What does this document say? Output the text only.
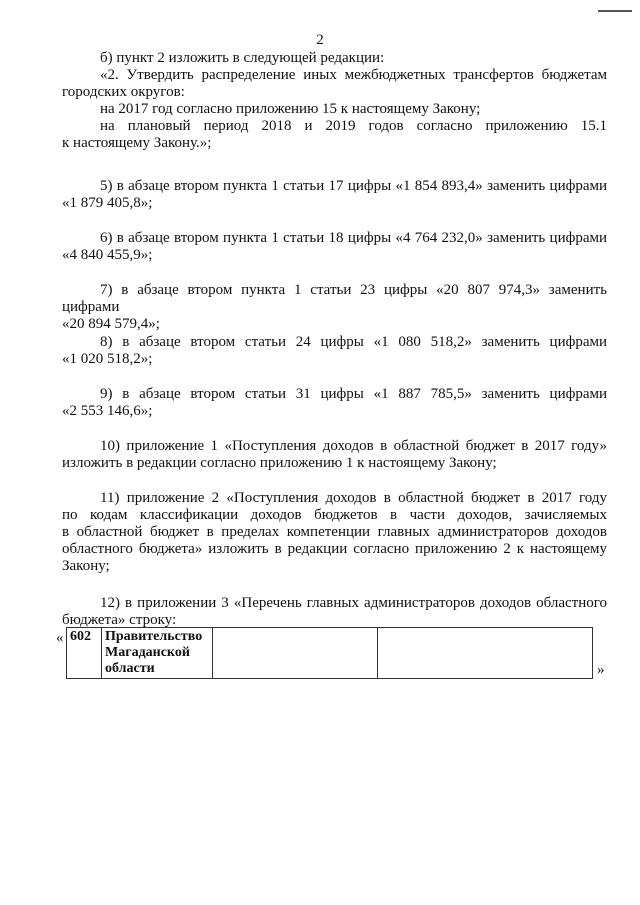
2

б) пункт 2 изложить в следующей редакции:

«2. Утвердить распределение иных межбюджетных трансфертов бюджетам

городских округов:

на 2017 год согласно приложению 15 к настоящему Закону;

на плановый период 2018 и 2019 годов согласно приложению 15.1

к настоящему Закону.»;

5) в абзаце втором пункта 1 статьи 17 цифры «1 854 893,4» заменить цифрами

«1 879 405,8»;

6) в абзаце втором пункта 1 статьи 18 цифры «4 764 232,0» заменить цифрами

«4 840 455,9»;

7) в абзаце втором пункта 1 статьи 23 цифры «20 807 974,3» заменить цифрами

«20 894 579,4»;

8) в абзаце втором статьи 24 цифры «1 080 518,2» заменить цифрами

«1 020 518,2»;

9) в абзаце втором статьи 31 цифры «1 887 785,5» заменить цифрами

«2 553 146,6»;

10) приложение 1 «Поступления доходов в областной бюджет в 2017 году»

изложить в редакции согласно приложению 1 к настоящему Закону;

11) приложение 2 «Поступления доходов в областной бюджет в 2017 году

по кодам классификации доходов бюджетов в части доходов, зачисляемых

в областной бюджет в пределах компетенции главных администраторов доходов

областного бюджета» изложить в редакции согласно приложению 2 к настоящему

Закону;

12) в приложении 3 «Перечень главных администраторов доходов областного

бюджета» строку:

« 602	Правительство
Магаданской
области
			»
